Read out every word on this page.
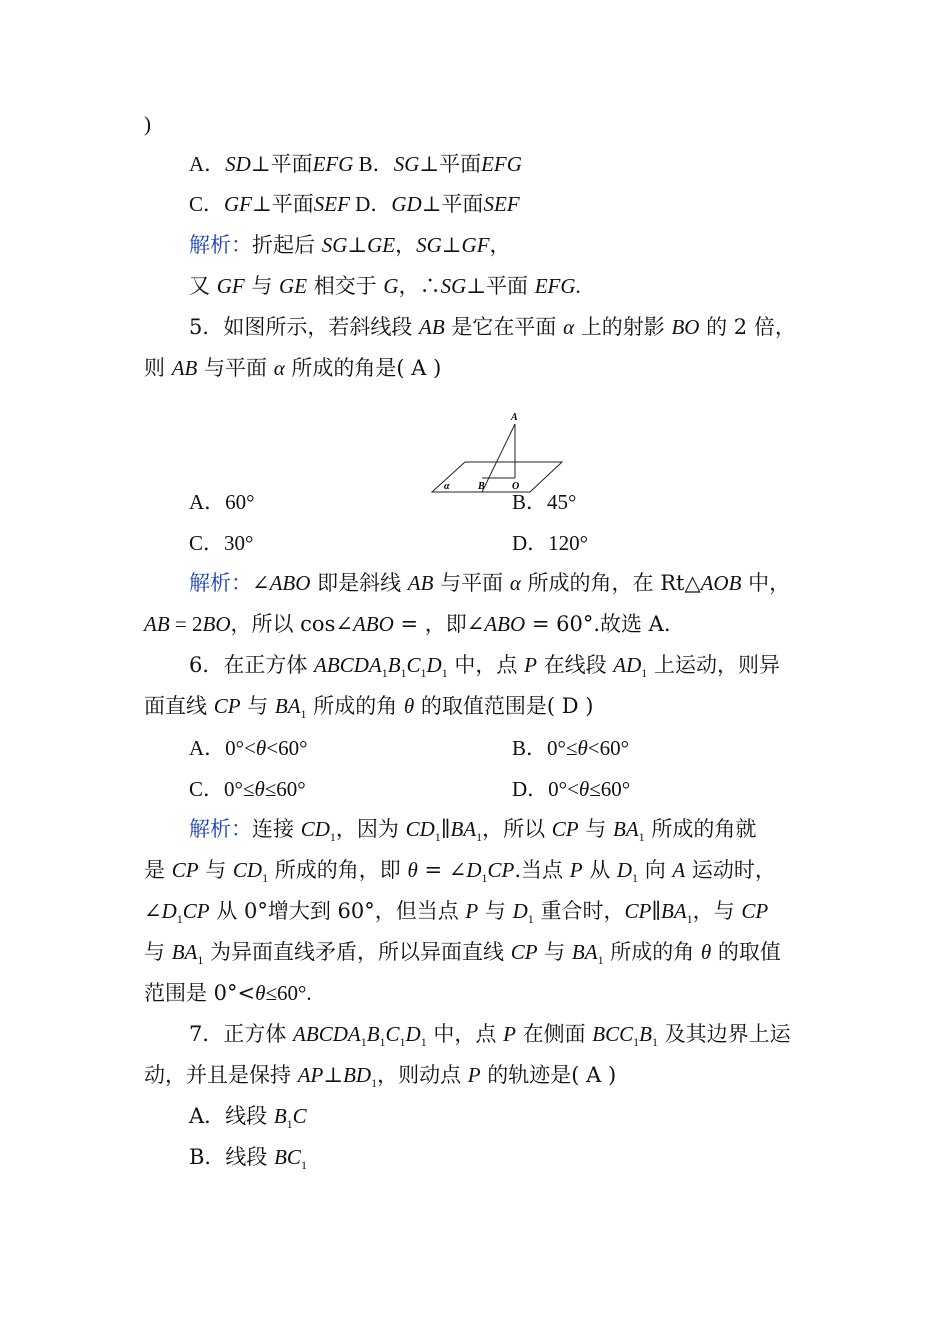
)
A．SD⊥平面EFG B．SG⊥平面EFG
C．GF⊥平面SEF D．GD⊥平面SEF
解析：折起后 SG⊥GE，SG⊥GF，
又 GF 与 GE 相交于 G，∴SG⊥平面 EFG.
5．如图所示，若斜线段 AB 是它在平面 α 上的射影 BO 的 2 倍，
则 AB 与平面 α 所成的角是( A )
A．60°
C．30°
解析：∠ABO 即是斜线 AB 与平面 α 所成的角，在 Rt△AOB 中，
AB = 2BO，所以 cos∠ABO = ，即∠ABO = 60°.故选 A.
6．在正方体 $ABCDA_1B_1C_1D_1$ 中，点 P 在线段 $AD_1$ 上运动，则异
面直线 CP 与 $BA_1$ 所成的角 θ 的取值范围是( D )
A．0°<θ<60°
C．0°≤θ≤60°
解析：连接 $CD_1$，因为 $CD_1\parallel BA_1$，所以 CP 与 $BA_1$ 所成的角就
是 CP 与 $CD_1$ 所成的角，即 $\theta = \angle D_1CP$.当点 P 从 $D_1$ 向 A 运动时，
$\angle D_1CP$ 从 0°增大到 60°，但当点 P 与 $D_1$ 重合时，$CP\parallel BA_1$，与 CP
与 $BA_1$ 为异面直线矛盾，所以异面直线 CP 与 $BA_1$ 所成的角 θ 的取值
范围是 0°<θ≤60°.
7．正方体 $ABCDA_1B_1C_1D_1$ 中，点 P 在侧面 $BCC_1B_1$ 及其边界上运
动，并且是保持 $AP\perp BD_1$，则动点 P 的轨迹是( A )
A．线段 $B_1C$
B．线段 $BC_1$
B．45°
D．120°
B．0°≤θ<60°
D．0°<θ≤60°
A
α	B	O
